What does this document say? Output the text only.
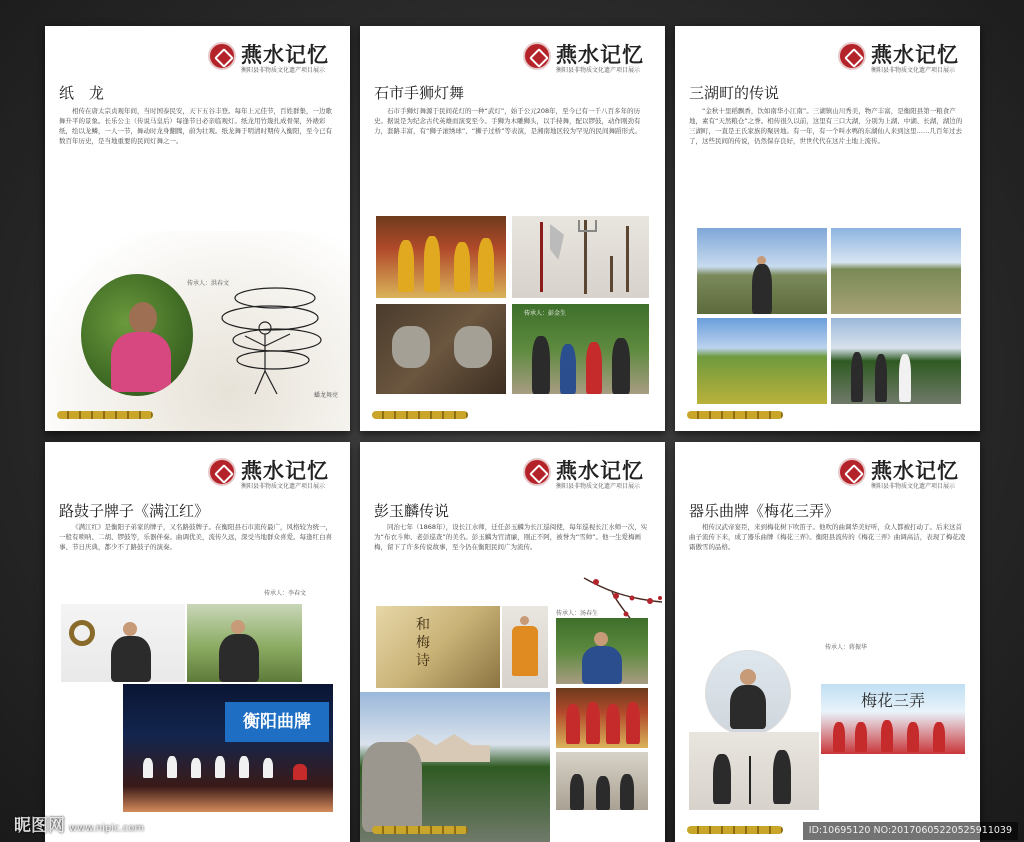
燕水记忆
衡阳县非物质文化遗产项目展示
纸　龙
相传在唐太宗贞观年间，当时国泰民安，天下五谷丰登。每年上元佳节，百姓群集，一边歌舞升平的景象。长乐公主（传说马皇后）每逢节日必亲临观灯。纸龙用竹篾扎成骨架，外裱彩纸，绘以龙鳞，一人一节，舞动时龙身翻腾，蔚为壮观。纸龙舞于明清时期传入衡阳，至今已有数百年历史，是当地重要的民间灯舞之一。
传承人：洪春文
蟠龙舞亮
燕水记忆
衡阳县非物质文化遗产项目展示
石市手狮灯舞
石市手狮灯舞源于民间花灯的一种“武灯”，始于公元208年，至今已有一千八百多年的历史。据说是为纪念古代英雄而演变至今。手狮为木雕狮头，以手持舞，配以锣鼓，动作刚劲有力，套路丰富，有“狮子滚绣球”、“狮子过桥”等表演，是湘南地区较为罕见的民间舞蹈形式。
传承人：彭金生
燕水记忆
衡阳县非物质文化遗产项目展示
三湖町的传说
“金秋十里稻飘香，饮如南华小江南”。三湖镇山川秀美，物产丰富，是衡阳县第一粮食产地，素有“天然粮仓”之誉。相传很久以前，这里有三口大湖，分别为上湖、中湖、长湖，湖边的三湖町，一直是王氏家族的聚居地。有一年，有一个叫水鸭的东湖仙人来到这里……几百年过去了，这些民间的传说，仍然保存良好，世世代代在这片土地上流传。
燕水记忆
衡阳县非物质文化遗产项目展示
路鼓子牌子《满江红》
《满江红》是衡阳子弟家的牌子，又名路鼓牌子。在衡阳县石市流传最广，风格较为统一，一般有唢呐、二胡、锣鼓等，乐器伴奏。曲调优美，流传久远，深受当地群众喜爱。每逢红白喜事、节日庆典，都少不了路鼓子的演奏。
传承人：李春文
衡阳曲牌
燕水记忆
衡阳县非物质文化遗产项目展示
彭玉麟传说
同治七年（1868年），设长江水师，迁任彭玉麟为长江巡阅使，每年巡视长江水师一次，实为“布衣斗帅、老彭巡查”的美名。彭玉麟为官清廉，刚正不阿，被誉为“雪帅”。他一生爱梅画梅，留下了许多传说故事，至今仍在衡阳民间广为流传。
和梅诗
传承人：汤春生
燕水记忆
衡阳县非物质文化遗产项目展示
器乐曲牌《梅花三弄》
相传汉武帝宴臣，来到梅花树下吹笛子。他吹的曲调华美好听，众人都被打动了。后来这首曲子流传下来，成了器乐曲牌《梅花三弄》。衡阳县流传的《梅花三弄》曲调高洁，表现了梅花凌霜傲雪的品格。
传承人：蒋振华
梅花三弄
昵图网 www.nipic.com	ID:10695120 NO:20170605220525911039
